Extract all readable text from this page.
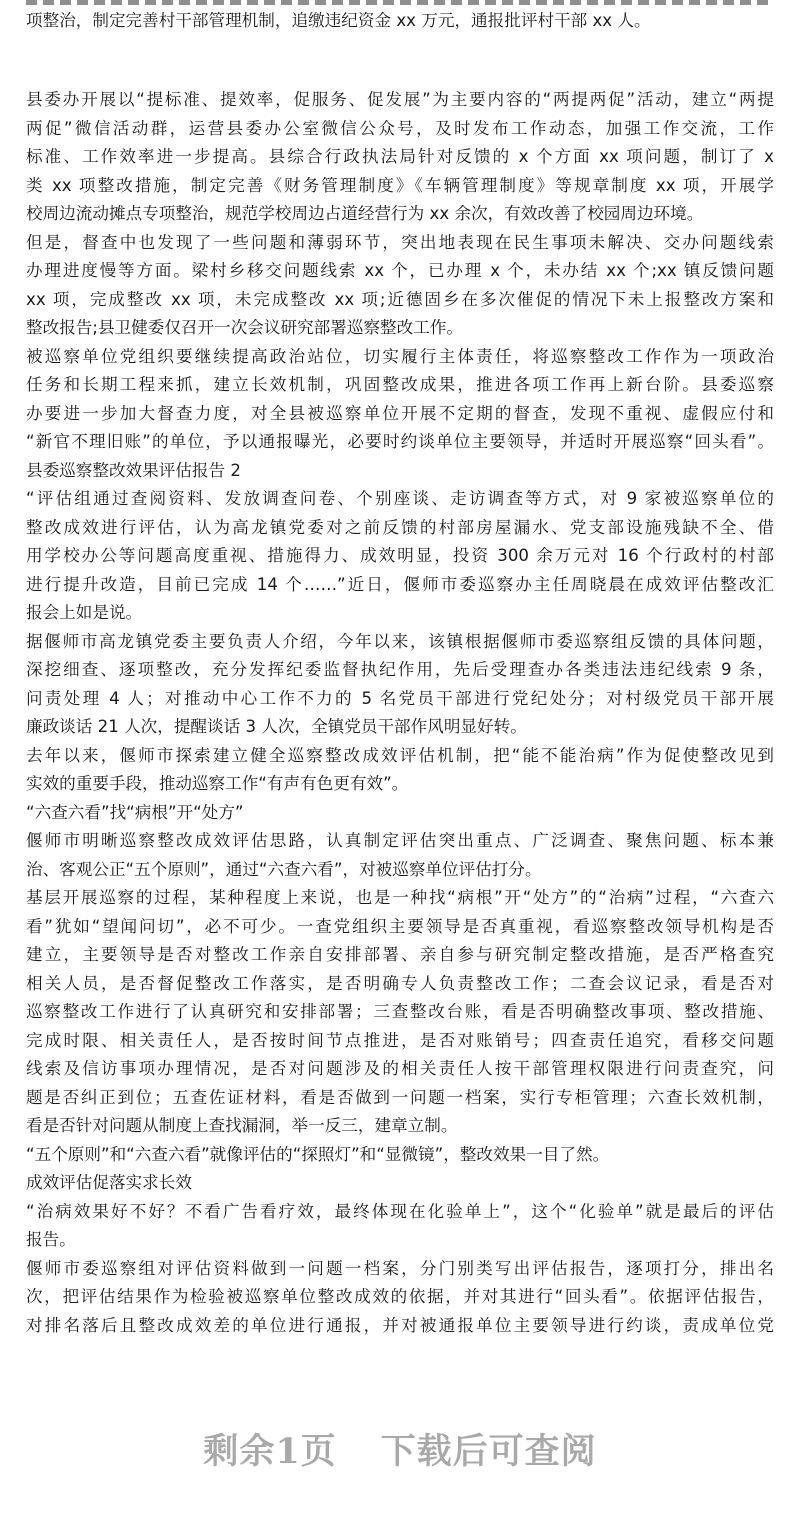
项整治，制定完善村干部管理机制，追缴违纪资金 xx 万元，通报批评村干部 xx 人。
县委办开展以“提标准、提效率，促服务、促发展”为主要内容的“两提两促”活动，建立“两提
两促”微信活动群，运营县委办公室微信公众号，及时发布工作动态，加强工作交流，工作
标准、工作效率进一步提高。县综合行政执法局针对反馈的 x 个方面 xx 项问题，制订了 x
类 xx 项整改措施，制定完善《财务管理制度》《车辆管理制度》等规章制度 xx 项，开展学
校周边流动摊点专项整治，规范学校周边占道经营行为 xx 余次，有效改善了校园周边环境。
但是，督查中也发现了一些问题和薄弱环节，突出地表现在民生事项未解决、交办问题线索
办理进度慢等方面。梁村乡移交问题线索 xx 个，已办理 x 个，未办结 xx 个;xx 镇反馈问题
xx 项，完成整改 xx 项，未完成整改 xx 项;近德固乡在多次催促的情况下未上报整改方案和
整改报告;县卫健委仅召开一次会议研究部署巡察整改工作。
被巡察单位党组织要继续提高政治站位，切实履行主体责任，将巡察整改工作作为一项政治
任务和长期工程来抓，建立长效机制，巩固整改成果，推进各项工作再上新台阶。县委巡察
办要进一步加大督查力度，对全县被巡察单位开展不定期的督查，发现不重视、虚假应付和
“新官不理旧账”的单位，予以通报曝光，必要时约谈单位主要领导，并适时开展巡察“回头看”。
县委巡察整改效果评估报告 2
“评估组通过查阅资料、发放调查问卷、个别座谈、走访调查等方式，对 9 家被巡察单位的
整改成效进行评估，认为高龙镇党委对之前反馈的村部房屋漏水、党支部设施残缺不全、借
用学校办公等问题高度重视、措施得力、成效明显，投资 300 余万元对 16 个行政村的村部
进行提升改造，目前已完成 14 个……”近日，偃师市委巡察办主任周晓晨在成效评估整改汇
报会上如是说。
据偃师市高龙镇党委主要负责人介绍，今年以来，该镇根据偃师市委巡察组反馈的具体问题，
深挖细查、逐项整改，充分发挥纪委监督执纪作用，先后受理查办各类违法违纪线索 9 条，
问责处理 4 人；对推动中心工作不力的 5 名党员干部进行党纪处分；对村级党员干部开展
廉政谈话 21 人次，提醒谈话 3 人次，全镇党员干部作风明显好转。
去年以来，偃师市探索建立健全巡察整改成效评估机制，把“能不能治病”作为促使整改见到
实效的重要手段，推动巡察工作“有声有色更有效”。
“六查六看”找“病根”开“处方”
偃师市明晰巡察整改成效评估思路，认真制定评估突出重点、广泛调查、聚焦问题、标本兼
治、客观公正“五个原则”，通过“六查六看”，对被巡察单位评估打分。
基层开展巡察的过程，某种程度上来说，也是一种找“病根”开“处方”的“治病”过程，“六查六
看”犹如“望闻问切”，必不可少。一查党组织主要领导是否真重视，看巡察整改领导机构是否
建立，主要领导是否对整改工作亲自安排部署、亲自参与研究制定整改措施，是否严格查究
相关人员，是否督促整改工作落实，是否明确专人负责整改工作；二查会议记录，看是否对
巡察整改工作进行了认真研究和安排部署；三查整改台账，看是否明确整改事项、整改措施、
完成时限、相关责任人，是否按时间节点推进，是否对账销号；四查责任追究，看移交问题
线索及信访事项办理情况，是否对问题涉及的相关责任人按干部管理权限进行问责查究，问
题是否纠正到位；五查佐证材料，看是否做到一问题一档案，实行专柜管理；六查长效机制，
看是否针对问题从制度上查找漏洞，举一反三，建章立制。
“五个原则”和“六查六看”就像评估的“探照灯”和“显微镜”，整改效果一目了然。
成效评估促落实求长效
“治病效果好不好？不看广告看疗效，最终体现在化验单上”，这个“化验单”就是最后的评估
报告。
偃师市委巡察组对评估资料做到一问题一档案，分门别类写出评估报告，逐项打分，排出名
次，把评估结果作为检验被巡察单位整改成效的依据，并对其进行“回头看”。依据评估报告，
对排名落后且整改成效差的单位进行通报，并对被通报单位主要领导进行约谈，责成单位党
剩余1页 下载后可查阅
